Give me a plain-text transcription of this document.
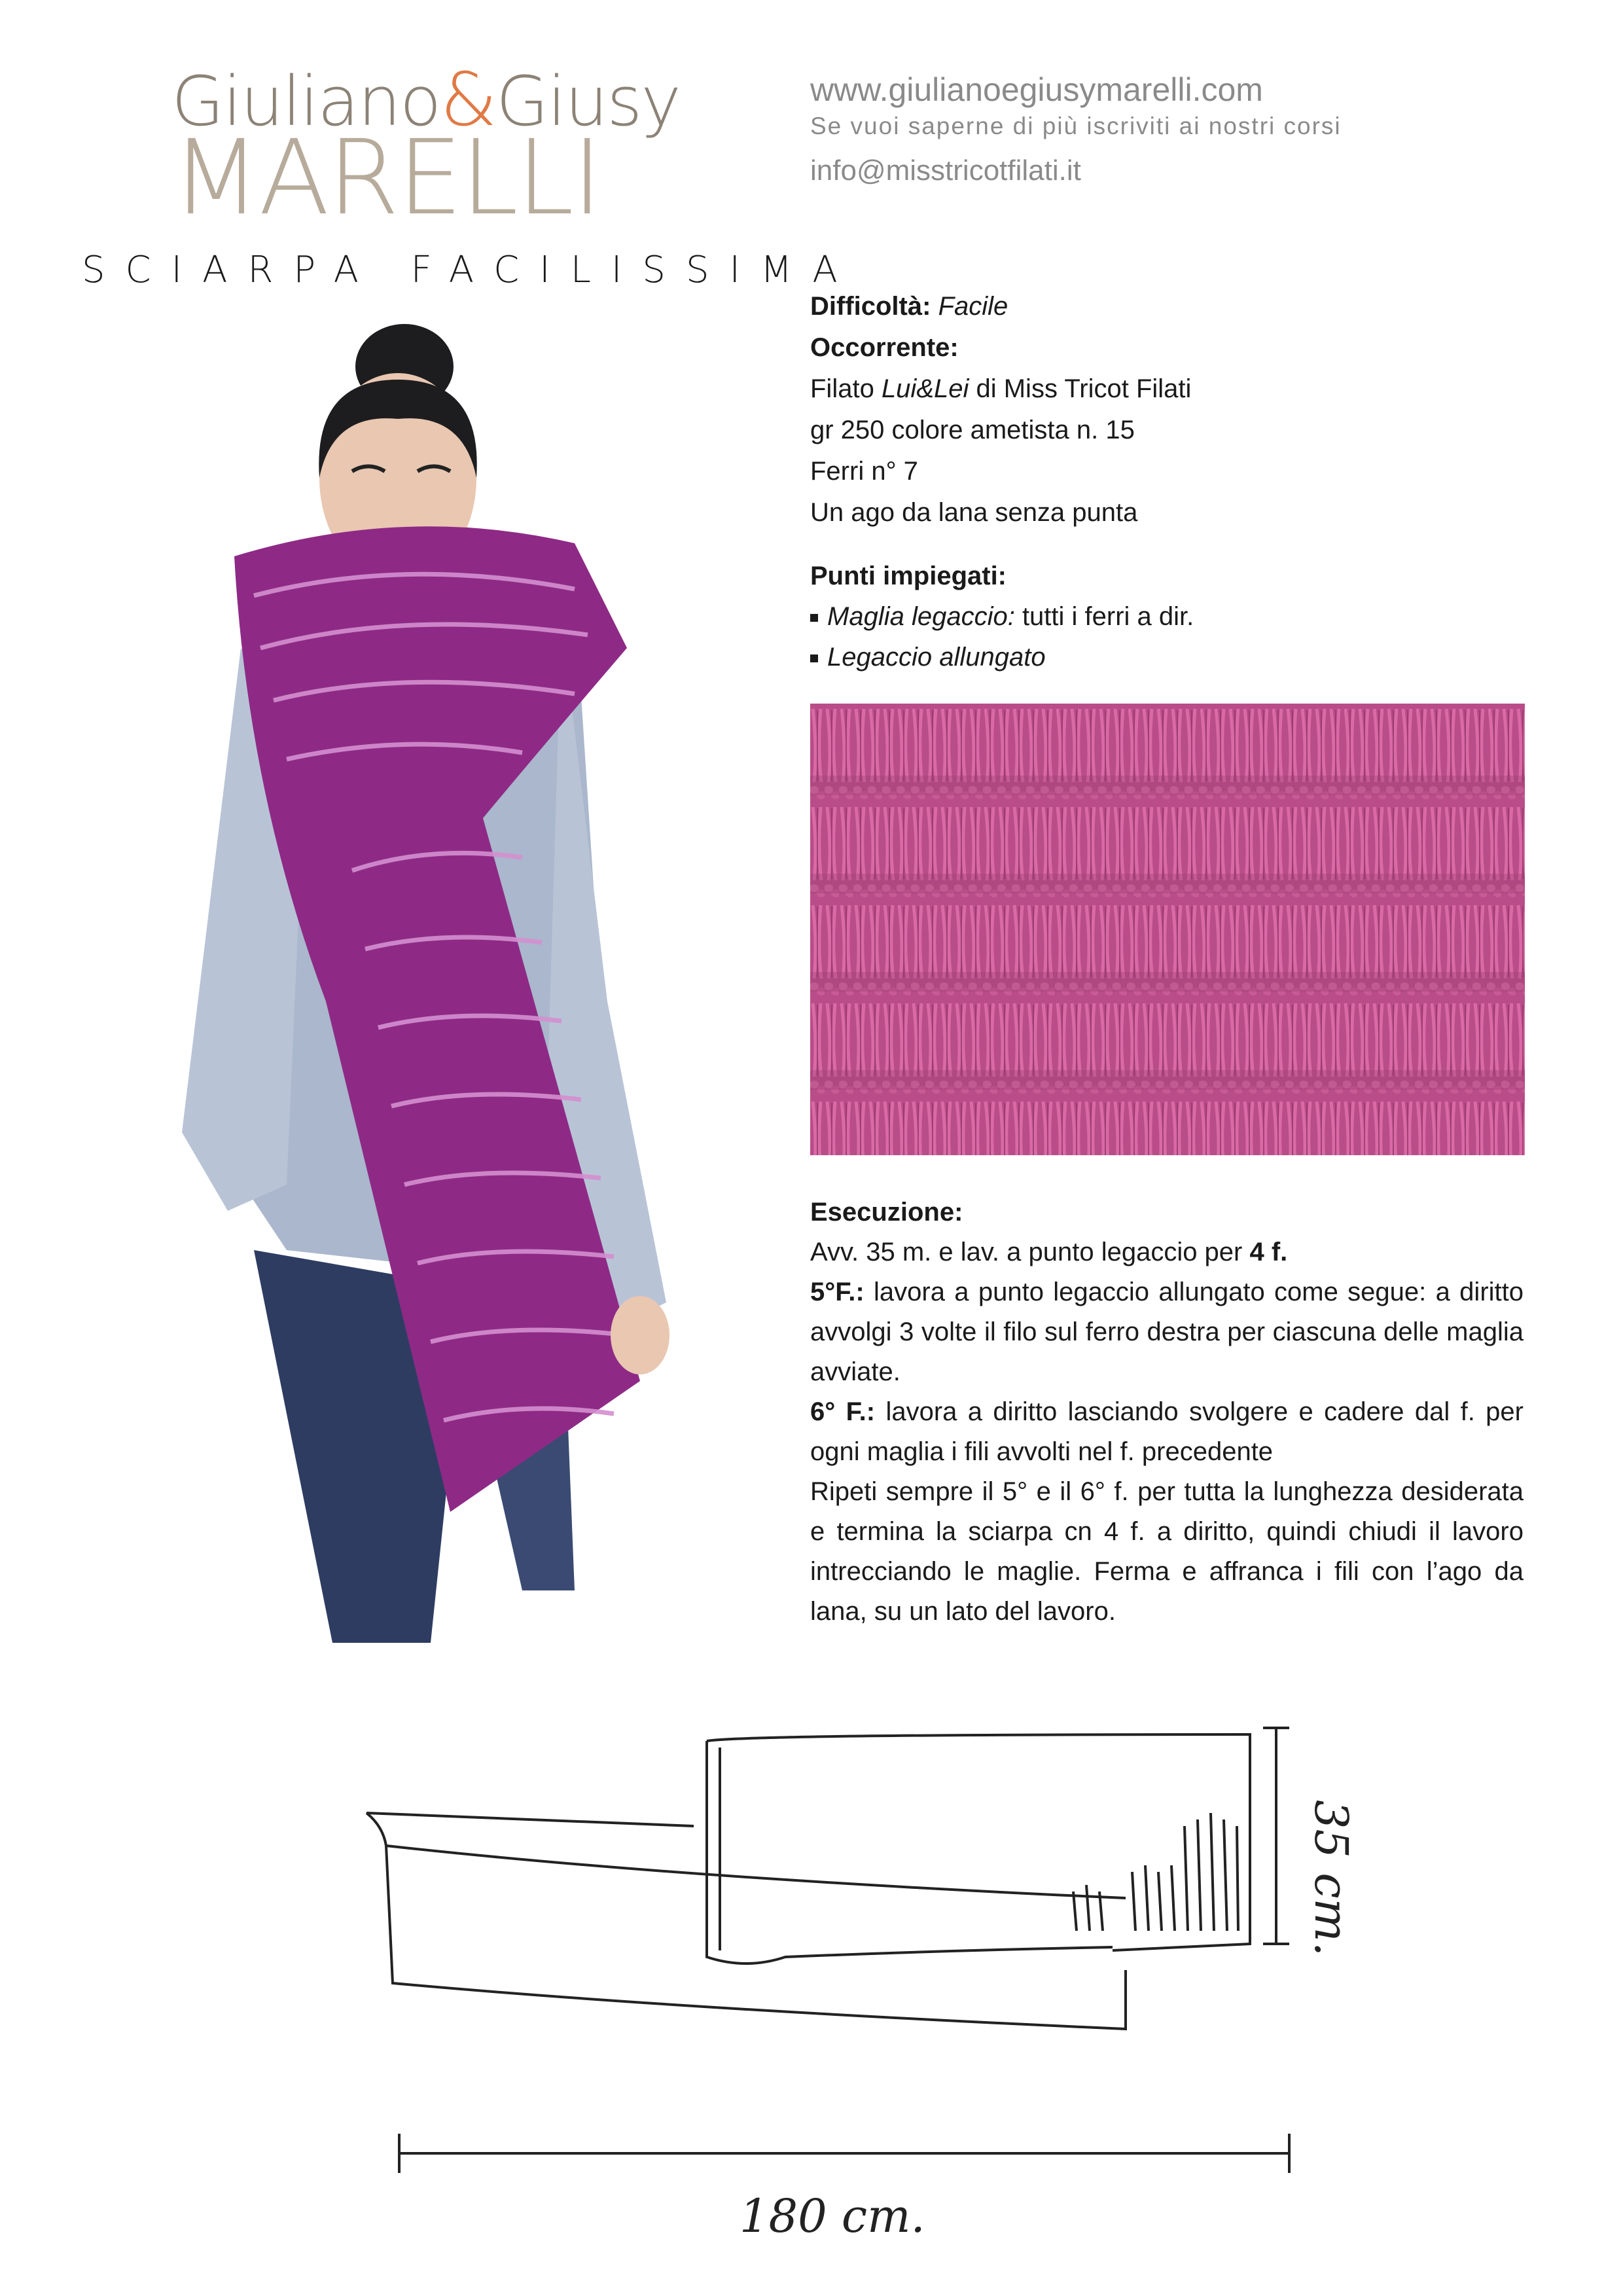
Giuliano&Giusy
MARELLI
SCIARPA FACILISSIMA
www.giulianoegiusymarelli.com
Se vuoi saperne di più iscriviti ai nostri corsi
info@misstricotfilati.it
Difficoltà: Facile
Occorrente:
Filato Lui&Lei di Miss Tricot Filati
gr 250 colore ametista n. 15
Ferri n° 7
Un ago da lana senza punta
Punti impiegati:
Maglia legaccio: tutti i ferri a dir.
Legaccio allungato

Esecuzione:

Avv. 35 m. e lav. a punto legaccio per 4 f.

5°F.: lavora a punto legaccio allungato come segue: a diritto avvolgi 3 volte il filo sul ferro destra per ciascuna delle maglia avviate.

6° F.: lavora a diritto lasciando svolgere e cadere dal f. per ogni maglia i fili avvolti nel f. precedente

Ripeti sempre il 5° e il 6° f. per tutta la lunghezza desiderata e termina la sciarpa cn 4 f. a diritto, quindi chiudi il lavoro intrecciando le maglie. Ferma e affranca i fili con l’ago da lana, su un lato del lavoro.

35 cm.
180 cm.
